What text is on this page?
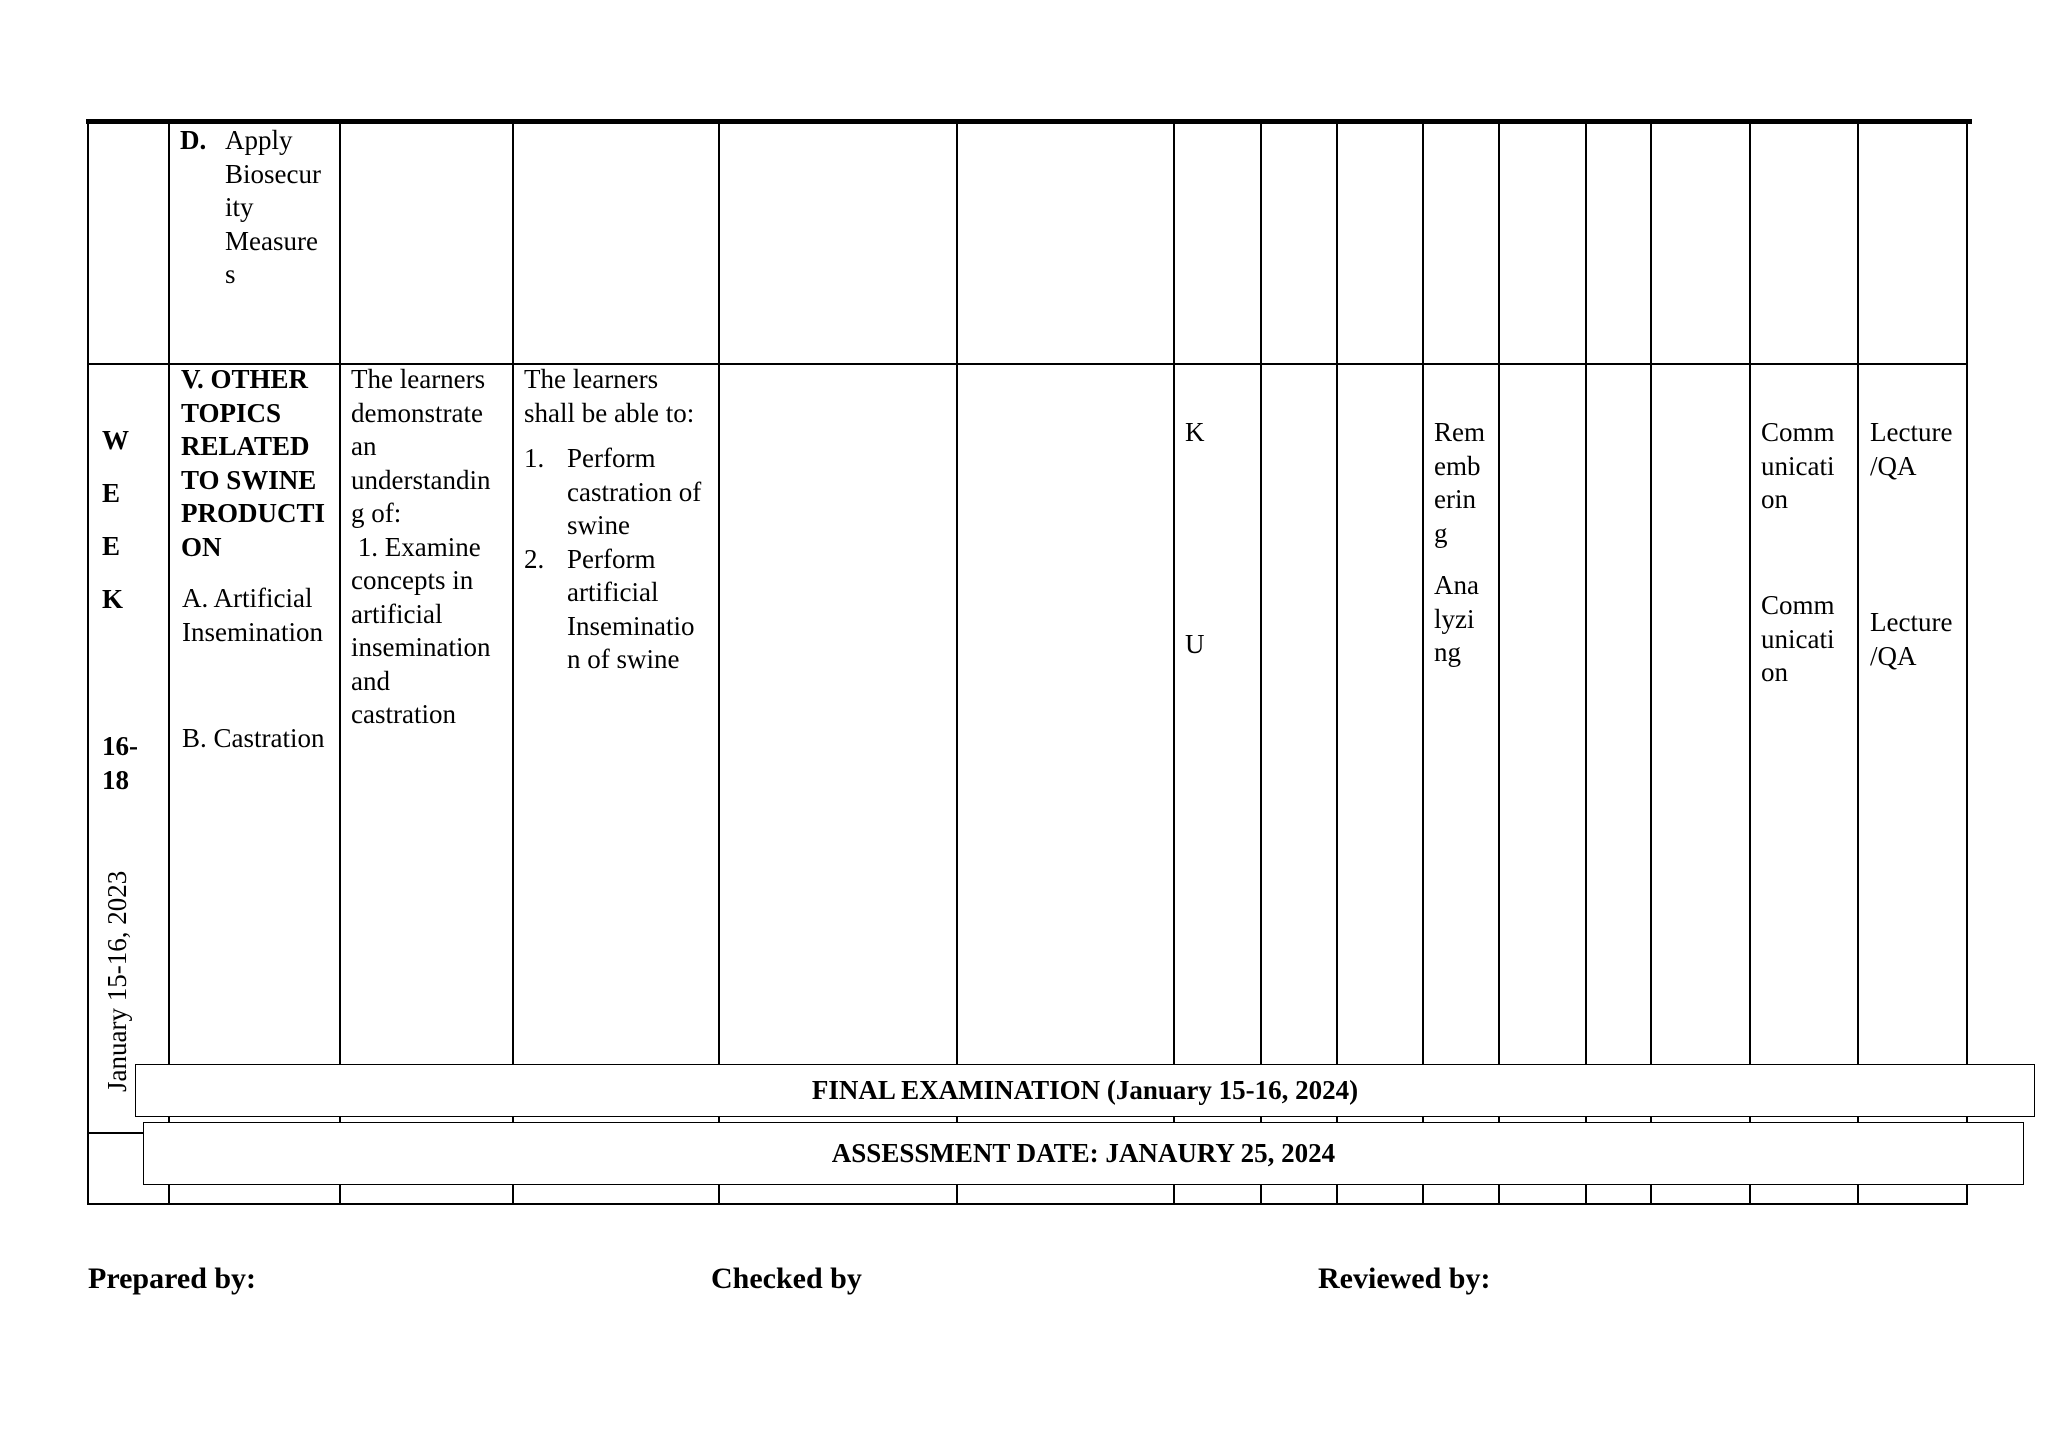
D. Apply
Biosecur
ity
Measure
s
W
E
E
K
16-
18
January 15-16, 2023
V. OTHER
TOPICS
RELATED
TO SWINE
PRODUCTI
ON
A. Artificial
Insemination
B. Castration
The learners
demonstrate
an
understandin
g of:
1. Examine
concepts in
artificial
insemination
and
castration
The learners
shall be able to:
1. Perform
castration of
swine
2. Perform
artificial
Inseminatio
n of swine
K
U
Rem
emb
erin
g
Ana
lyzi
ng
Comm
unicati
on
Comm
unicati
on
Lecture
/QA
Lecture
/QA
FINAL EXAMINATION (January 15-16, 2024)
ASSESSMENT DATE: JANAURY 25, 2024
Prepared by:	Checked by	Reviewed by:
